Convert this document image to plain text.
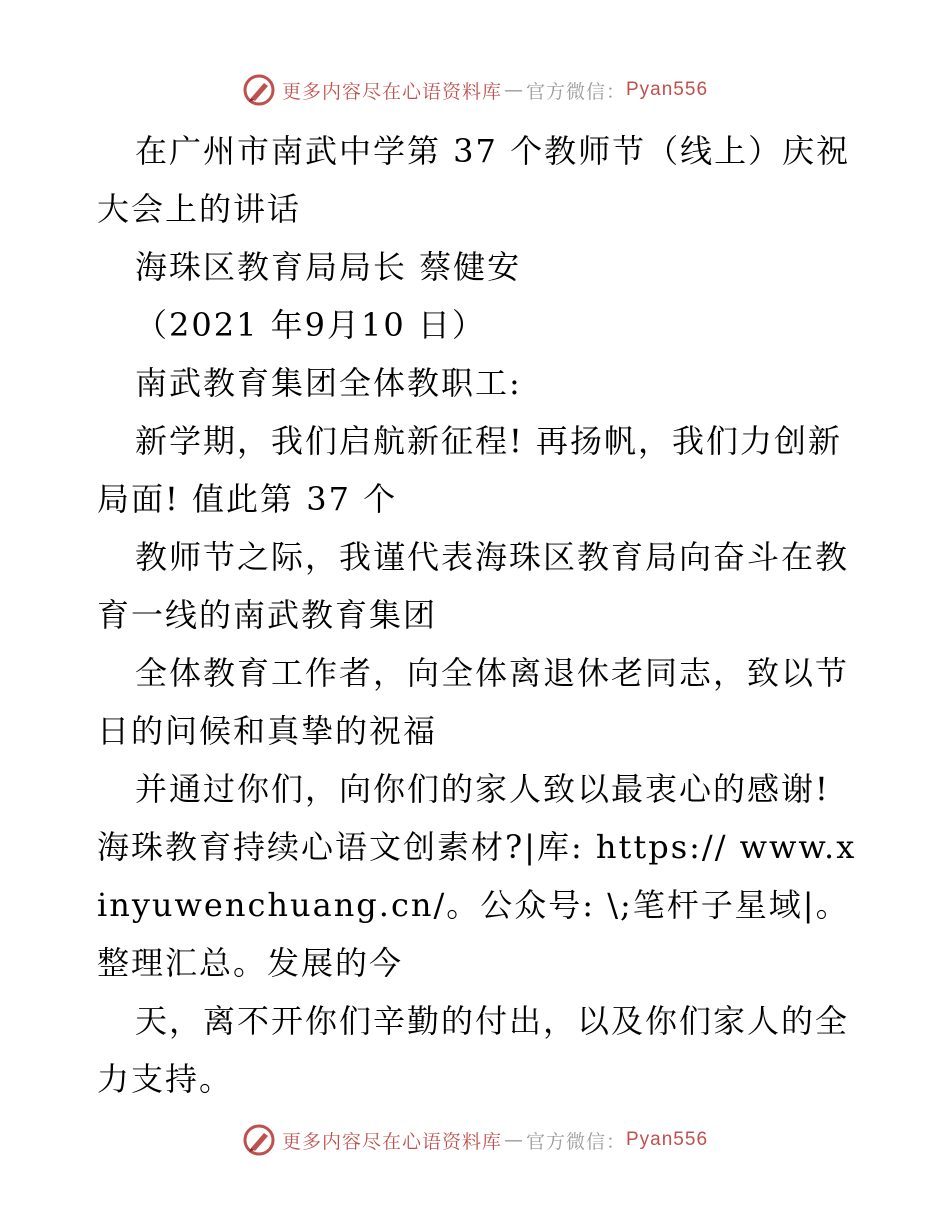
更多内容尽在心语资料库 — 官方微信： Pyan556

在广州市南武中学第 37 个教师节（线上）庆祝大会上的讲话

海珠区教育局局长 蔡健安

（2021 年9月10 日）

南武教育集团全体教职工:

新学期，我们启航新征程! 再扬帆，我们力创新局面! 值此第 37 个

教师节之际，我谨代表海珠区教育局向奋斗在教育一线的南武教育集团

全体教育工作者，向全体离退休老同志，致以节日的问候和真挚的祝福

并通过你们，向你们的家人致以最衷心的感谢! 海珠教育持续心语文创素材?|库: https:// www.xinyuwenchuang.cn/。公众号: \;笔杆子星域|。整理汇总。发展的今

天，离不开你们辛勤的付出，以及你们家人的全力支持。

更多内容尽在心语资料库 — 官方微信： Pyan556
